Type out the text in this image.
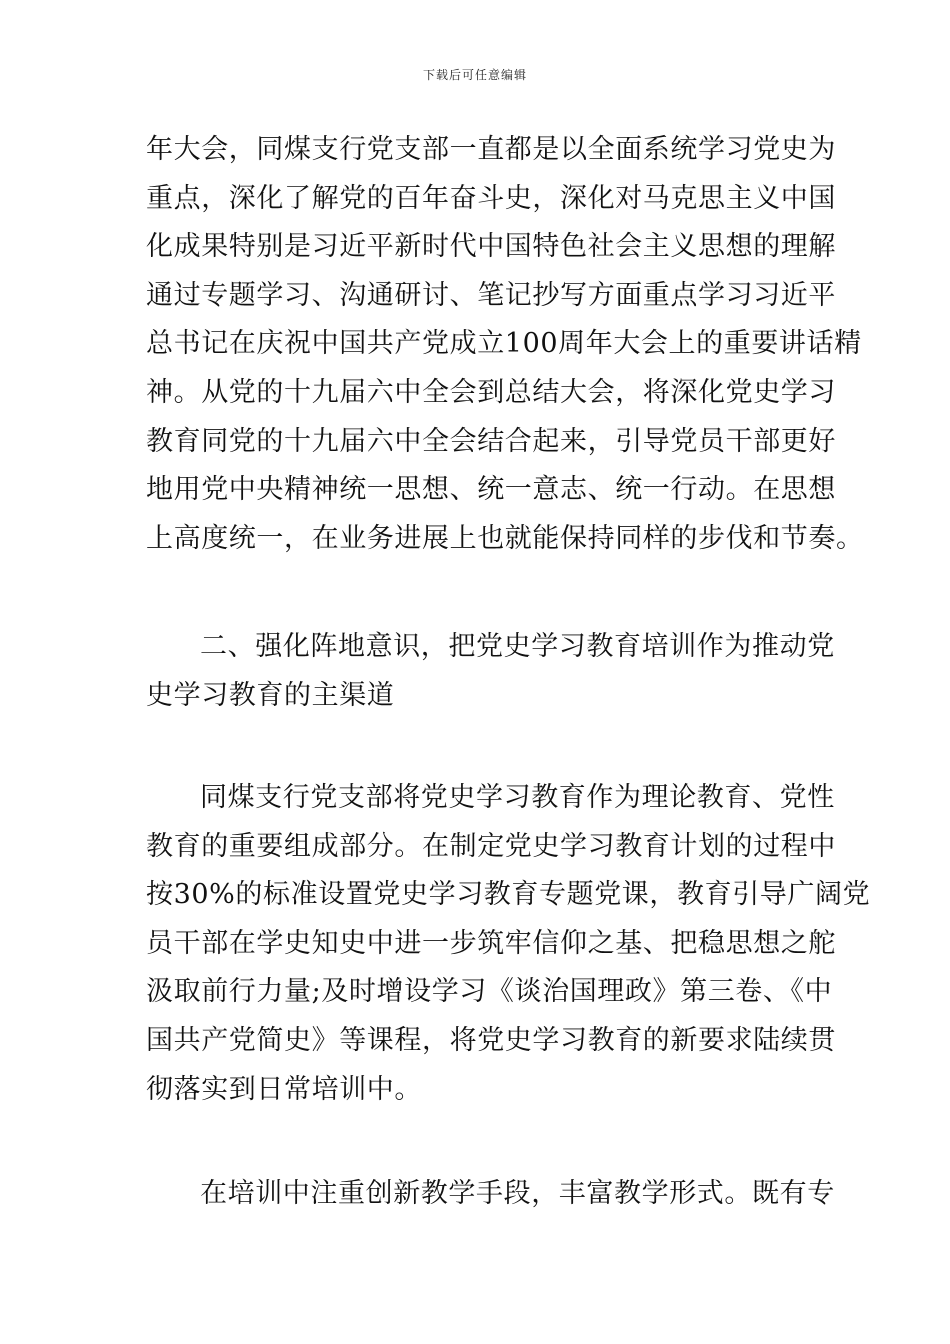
下载后可任意编辑
年大会，同煤支行党支部一直都是以全面系统学习党史为
重点，深化了解党的百年奋斗史，深化对马克思主义中国
化成果特别是习近平新时代中国特色社会主义思想的理解
通过专题学习、沟通研讨、笔记抄写方面重点学习习近平
总书记在庆祝中国共产党成立100周年大会上的重要讲话精
神。从党的十九届六中全会到总结大会，将深化党史学习
教育同党的十九届六中全会结合起来，引导党员干部更好
地用党中央精神统一思想、统一意志、统一行动。在思想
上高度统一，在业务进展上也就能保持同样的步伐和节奏。
二、强化阵地意识，把党史学习教育培训作为推动党
史学习教育的主渠道
同煤支行党支部将党史学习教育作为理论教育、党性
教育的重要组成部分。在制定党史学习教育计划的过程中
按30%的标准设置党史学习教育专题党课，教育引导广阔党
员干部在学史知史中进一步筑牢信仰之基、把稳思想之舵
汲取前行力量;及时增设学习《谈治国理政》第三卷、《中
国共产党简史》等课程，将党史学习教育的新要求陆续贯
彻落实到日常培训中。
在培训中注重创新教学手段，丰富教学形式。既有专
